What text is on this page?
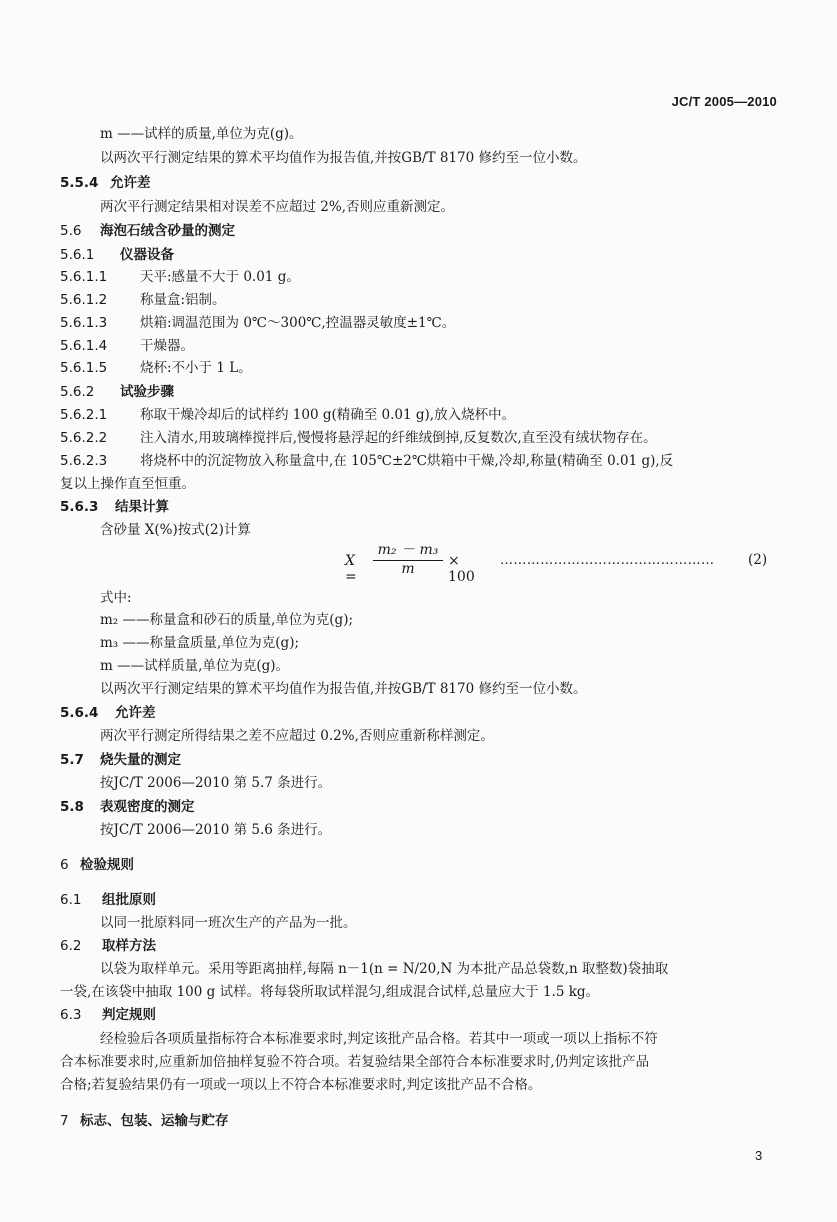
JC/T 2005—2010
m ——试样的质量,单位为克(g)。
以两次平行测定结果的算术平均值作为报告值,并按GB/T 8170 修约至一位小数。
5.5.4 允许差
两次平行测定结果相对误差不应超过 2%,否则应重新测定。
5.6 海泡石绒含砂量的测定
5.6.1 仪器设备
5.6.1.1 天平:感量不大于 0.01 g。
5.6.1.2 称量盒:铝制。
5.6.1.3 烘箱:调温范围为 0℃～300℃,控温器灵敏度±1℃。
5.6.1.4 干燥器。
5.6.1.5 烧杯:不小于 1 L。
5.6.2 试验步骤
5.6.2.1 称取干燥冷却后的试样约 100 g(精确至 0.01 g),放入烧杯中。
5.6.2.2 注入清水,用玻璃棒搅拌后,慢慢将悬浮起的纤维绒倒掉,反复数次,直至没有绒状物存在。
5.6.2.3 将烧杯中的沉淀物放入称量盒中,在 105℃±2℃烘箱中干燥,冷却,称量(精确至 0.01 g),反
复以上操作直至恒重。
5.6.3 结果计算
含砂量 X(%)按式(2)计算
$X = \frac{\text{m₂ － m₃}}{m} \times 100$
………………………………………… (2)
式中:
m₂ ——称量盒和砂石的质量,单位为克(g);
m₃ ——称量盒质量,单位为克(g);
m ——试样质量,单位为克(g)。
以两次平行测定结果的算术平均值作为报告值,并按GB/T 8170 修约至一位小数。
5.6.4 允许差
两次平行测定所得结果之差不应超过 0.2%,否则应重新称样测定。
5.7 烧失量的测定
按JC/T 2006—2010 第 5.7 条进行。
5.8 表观密度的测定
按JC/T 2006—2010 第 5.6 条进行。
6 检验规则
6.1 组批原则
以同一批原料同一班次生产的产品为一批。
6.2 取样方法
以袋为取样单元。采用等距离抽样,每隔 n－1(n = N/20,N 为本批产品总袋数,n 取整数)袋抽取
一袋,在该袋中抽取 100 g 试样。将每袋所取试样混匀,组成混合试样,总量应大于 1.5 kg。
6.3 判定规则
经检验后各项质量指标符合本标准要求时,判定该批产品合格。若其中一项或一项以上指标不符
合本标准要求时,应重新加倍抽样复验不符合项。若复验结果全部符合本标准要求时,仍判定该批产品
合格;若复验结果仍有一项或一项以上不符合本标准要求时,判定该批产品不合格。
7 标志、包装、运输与贮存
3
